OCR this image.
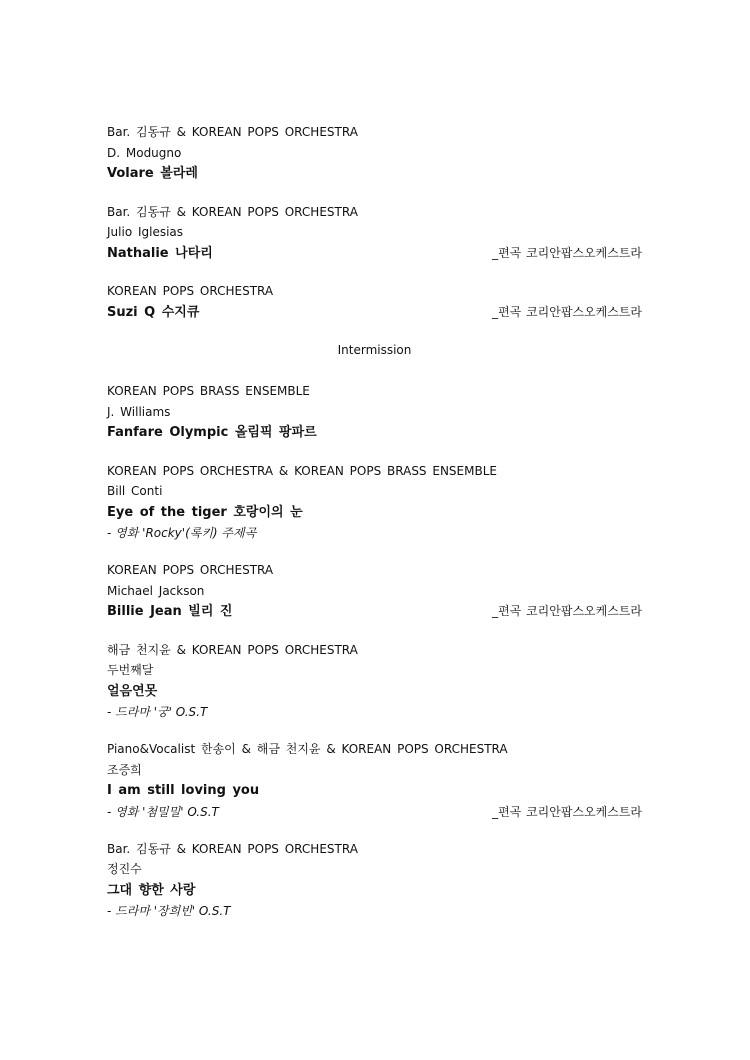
Bar. 김동규 & KOREAN POPS ORCHESTRA
D. Modugno
Volare 볼라레
Bar. 김동규 & KOREAN POPS ORCHESTRA
Julio Iglesias
Nathalie 나타리	_편곡 코리안팝스오케스트라
KOREAN POPS ORCHESTRA
Suzi Q 수지큐	_편곡 코리안팝스오케스트라
Intermission
KOREAN POPS BRASS ENSEMBLE
J. Williams
Fanfare Olympic 올림픽 팡파르
KOREAN POPS ORCHESTRA & KOREAN POPS BRASS ENSEMBLE
Bill Conti
Eye of the tiger 호랑이의 눈
- 영화 'Rocky'(록키) 주제곡
KOREAN POPS ORCHESTRA
Michael Jackson
Billie Jean 빌리 진	_편곡 코리안팝스오케스트라
해금 천지윤 & KOREAN POPS ORCHESTRA
두번째달
얼음연못
- 드라마 '궁' O.S.T
Piano&Vocalist 한송이 & 해금 천지윤 & KOREAN POPS ORCHESTRA
조증희
I am still loving you
- 영화 '첨밀밀' O.S.T	_편곡 코리안팝스오케스트라
Bar. 김동규 & KOREAN POPS ORCHESTRA
정진수
그대 향한 사랑
- 드라마 '장희빈' O.S.T
